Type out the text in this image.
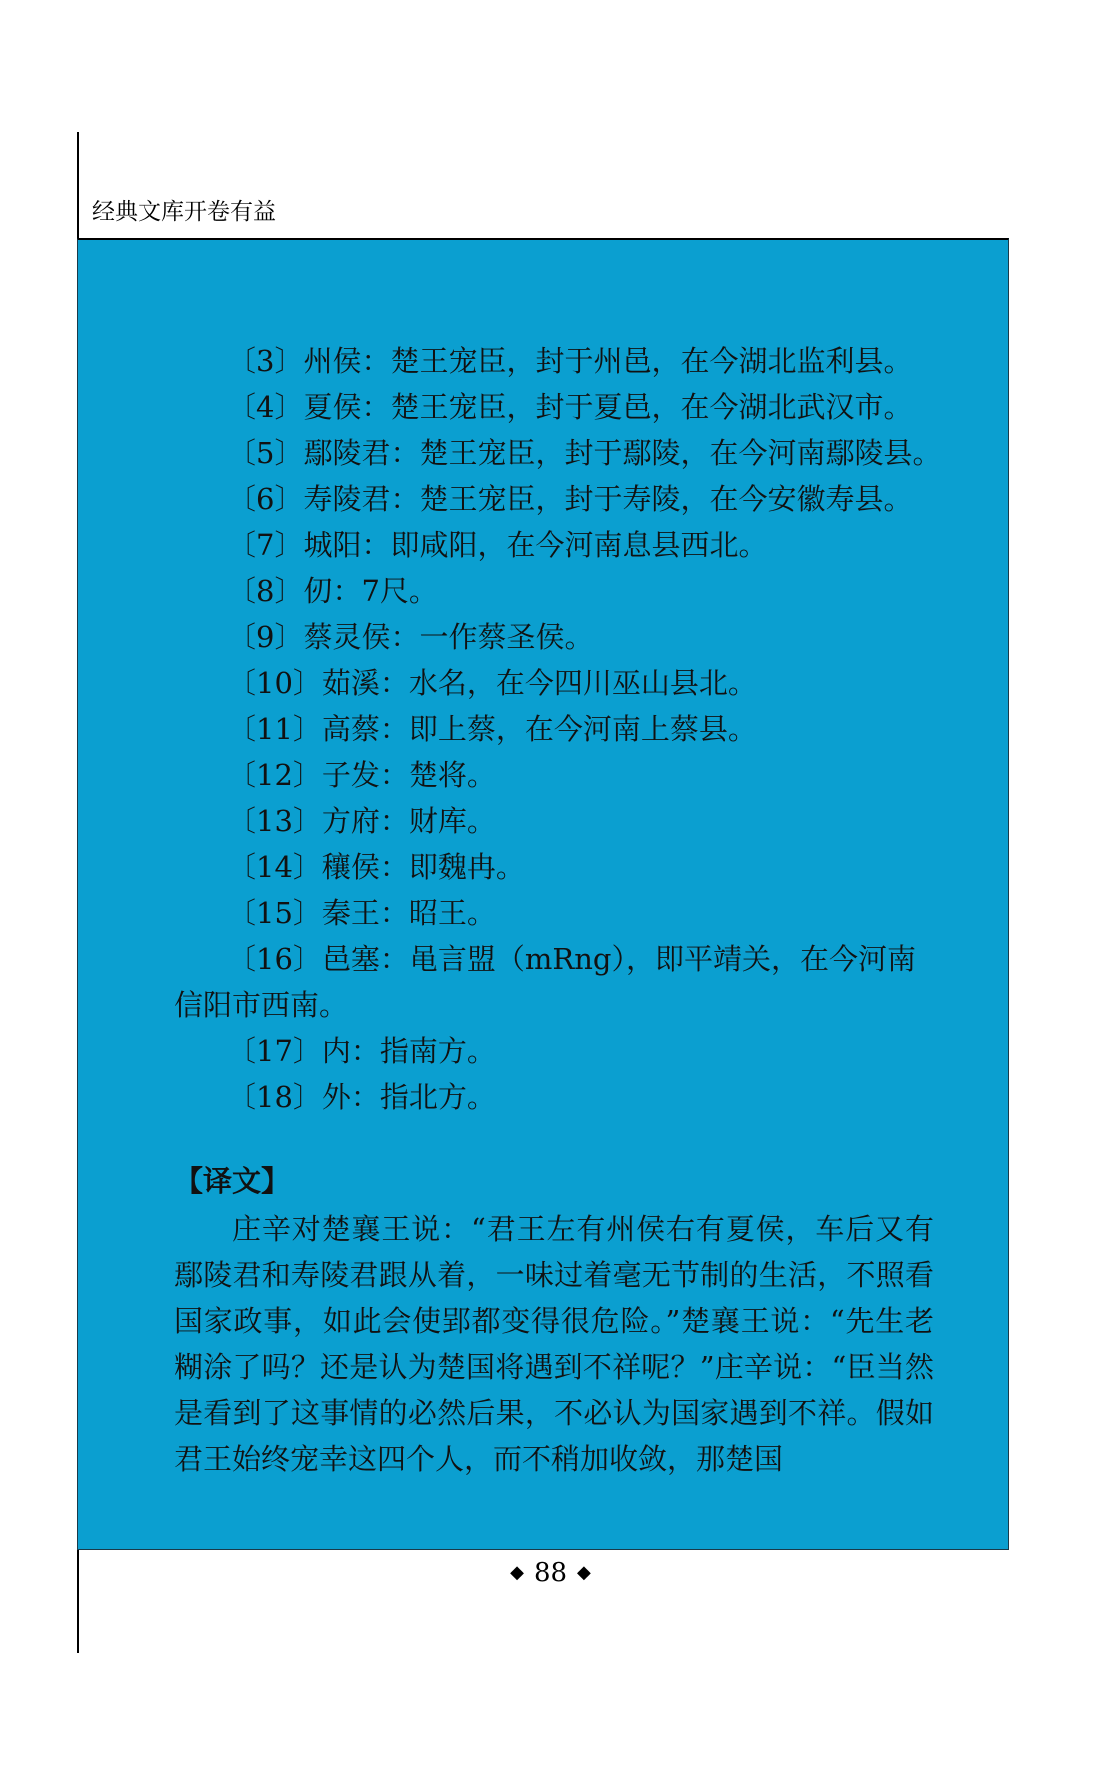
经典文库开卷有益
〔3〕州侯：楚王宠臣，封于州邑，在今湖北监利县。
〔4〕夏侯：楚王宠臣，封于夏邑，在今湖北武汉市。
〔5〕鄢陵君：楚王宠臣，封于鄢陵，在今河南鄢陵县。
〔6〕寿陵君：楚王宠臣，封于寿陵，在今安徽寿县。
〔7〕城阳：即咸阳，在今河南息县西北。
〔8〕仞：7尺。
〔9〕蔡灵侯：一作蔡圣侯。
〔10〕茹溪：水名，在今四川巫山县北。
〔11〕高蔡：即上蔡，在今河南上蔡县。
〔12〕子发：楚将。
〔13〕方府：财库。
〔14〕穰侯：即魏冉。
〔15〕秦王：昭王。
〔16〕邑塞：黾言盟（mRng），即平靖关，在今河南信阳市西南。
〔17〕内：指南方。
〔18〕外：指北方。
【译文】
庄辛对楚襄王说：“君王左有州侯右有夏侯，车后又有鄢陵君和寿陵君跟从着，一味过着毫无节制的生活，不照看国家政事，如此会使郢都变得很危险。”楚襄王说：“先生老糊涂了吗？还是认为楚国将遇到不祥呢？”庄辛说：“臣当然是看到了这事情的必然后果，不必认为国家遇到不祥。假如君王始终宠幸这四个人，而不稍加收敛，那楚国
◆ 88 ◆
